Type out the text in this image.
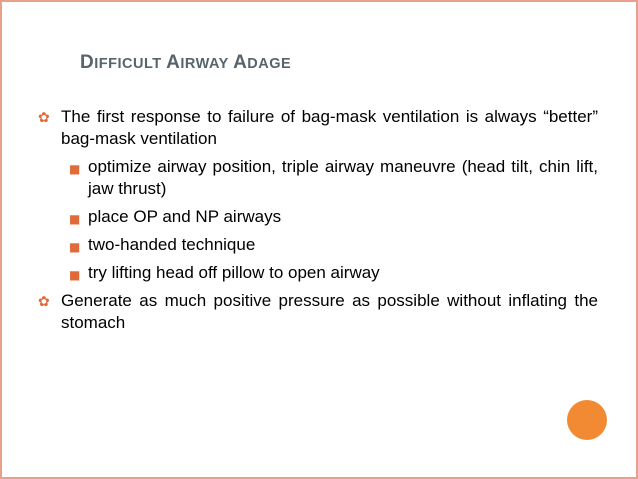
DIFFICULT AIRWAY ADAGE
✿ The first response to failure of bag-mask ventilation is always “better” bag-mask ventilation
■ optimize airway position, triple airway maneuvre (head tilt, chin lift, jaw thrust)
■ place OP and NP airways
■ two-handed technique
■ try lifting head off pillow to open airway
✿ Generate as much positive pressure as possible without inflating the stomach
